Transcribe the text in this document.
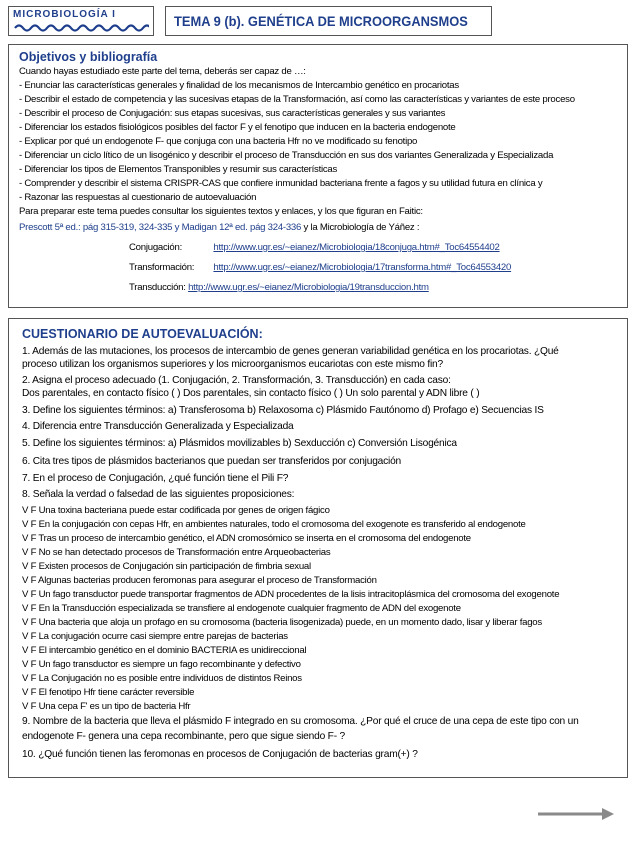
MICROBIOLOGÍA I	TEMA 9 (b). GENÉTICA DE MICROORGANSMOS
Objetivos y bibliografía
Cuando hayas estudiado este parte del tema, deberás ser capaz de …:
- Enunciar las características generales y finalidad de los mecanismos de Intercambio genético en procariotas
- Describir el estado de competencia y las sucesivas etapas de la Transformación, así como las características y variantes de este proceso
- Describir el proceso de Conjugación: sus etapas sucesivas, sus características generales y sus variantes
- Diferenciar los estados fisiológicos posibles del factor F y el fenotipo que inducen en la bacteria endogenote
- Explicar por qué un endogenote F- que conjuga con una bacteria Hfr no ve modificado su fenotipo
- Diferenciar un ciclo lítico de un lisogénico y describir el proceso de Transducción en sus dos variantes Generalizada y Especializada
- Diferenciar los tipos de Elementos Transponibles y resumir sus características
- Comprender y describir el sistema CRISPR-CAS que confiere inmunidad bacteriana frente a fagos y su utilidad futura en clínica y
- Razonar las respuestas al cuestionario de autoevaluación
Para preparar este tema puedes consultar los siguientes textos y enlaces, y los que figuran en Faitic:
Prescott 5ª ed.: pág 315-319, 324-335 y Madigan 12ª ed. pág 324-336 y la Microbiología de Yáñez :
Conjugación:	http://www.ugr.es/~eianez/Microbiologia/18conjuga.htm#_Toc64554402
Transformación: http://www.ugr.es/~eianez/Microbiologia/17transforma.htm#_Toc64553420
Transducción: http://www.ugr.es/~eianez/Microbiologia/19transduccion.htm
CUESTIONARIO DE AUTOEVALUACIÓN:
1. Además de las mutaciones, los procesos de intercambio de genes generan variabilidad genética en los procariotas. ¿Qué
proceso utilizan los organismos superiores y los microorganismos eucariotas con este mismo fin?
2. Asigna el proceso adecuado (1. Conjugación, 2. Transformación, 3. Transducción) en cada caso:
Dos parentales, en contacto físico ( ) Dos parentales, sin contacto físico ( ) Un solo parental y ADN libre ( )
3. Define los siguientes términos: a) Transferosoma b) Relaxosoma c) Plásmido Fautónomo d) Profago e) Secuencias IS
4. Diferencia entre Transducción Generalizada y Especializada
5. Define los siguientes términos: a) Plásmidos movilizables b) Sexducción c) Conversión Lisogénica
6. Cita tres tipos de plásmidos bacterianos que puedan ser transferidos por conjugación
7. En el proceso de Conjugación, ¿qué función tiene el Pili F?
8. Señala la verdad o falsedad de las siguientes proposiciones:
V F Una toxina bacteriana puede estar codificada por genes de origen fágico
V F En la conjugación con cepas Hfr, en ambientes naturales, todo el cromosoma del exogenote es transferido al endogenote
V F Tras un proceso de intercambio genético, el ADN cromosómico se inserta en el cromosoma del endogenote
V F No se han detectado procesos de Transformación entre Arqueobacterias
V F Existen procesos de Conjugación sin participación de fimbria sexual
V F Algunas bacterias producen feromonas para asegurar el proceso de Transformación
V F Un fago transductor puede transportar fragmentos de ADN procedentes de la lisis intracitoplásmica del cromosoma del exogenote
V F En la Transducción especializada se transfiere al endogenote cualquier fragmento de ADN del exogenote
V F Una bacteria que aloja un profago en su cromosoma (bacteria lisogenizada) puede, en un momento dado, lisar y liberar fagos
V F La conjugación ocurre casi siempre entre parejas de bacterias
V F El intercambio genético en el dominio BACTERIA es unidireccional
V F Un fago transductor es siempre un fago recombinante y defectivo
V F La Conjugación no es posible entre individuos de distintos Reinos
V F El fenotipo Hfr tiene carácter reversible
V F Una cepa F' es un tipo de bacteria Hfr
9. Nombre de la bacteria que lleva el plásmido F integrado en su cromosoma. ¿Por qué el cruce de una cepa de este tipo con un
endogenote F- genera una cepa recombinante, pero que sigue siendo F- ?
10. ¿Qué función tienen las feromonas en procesos de Conjugación de bacterias gram(+) ?
